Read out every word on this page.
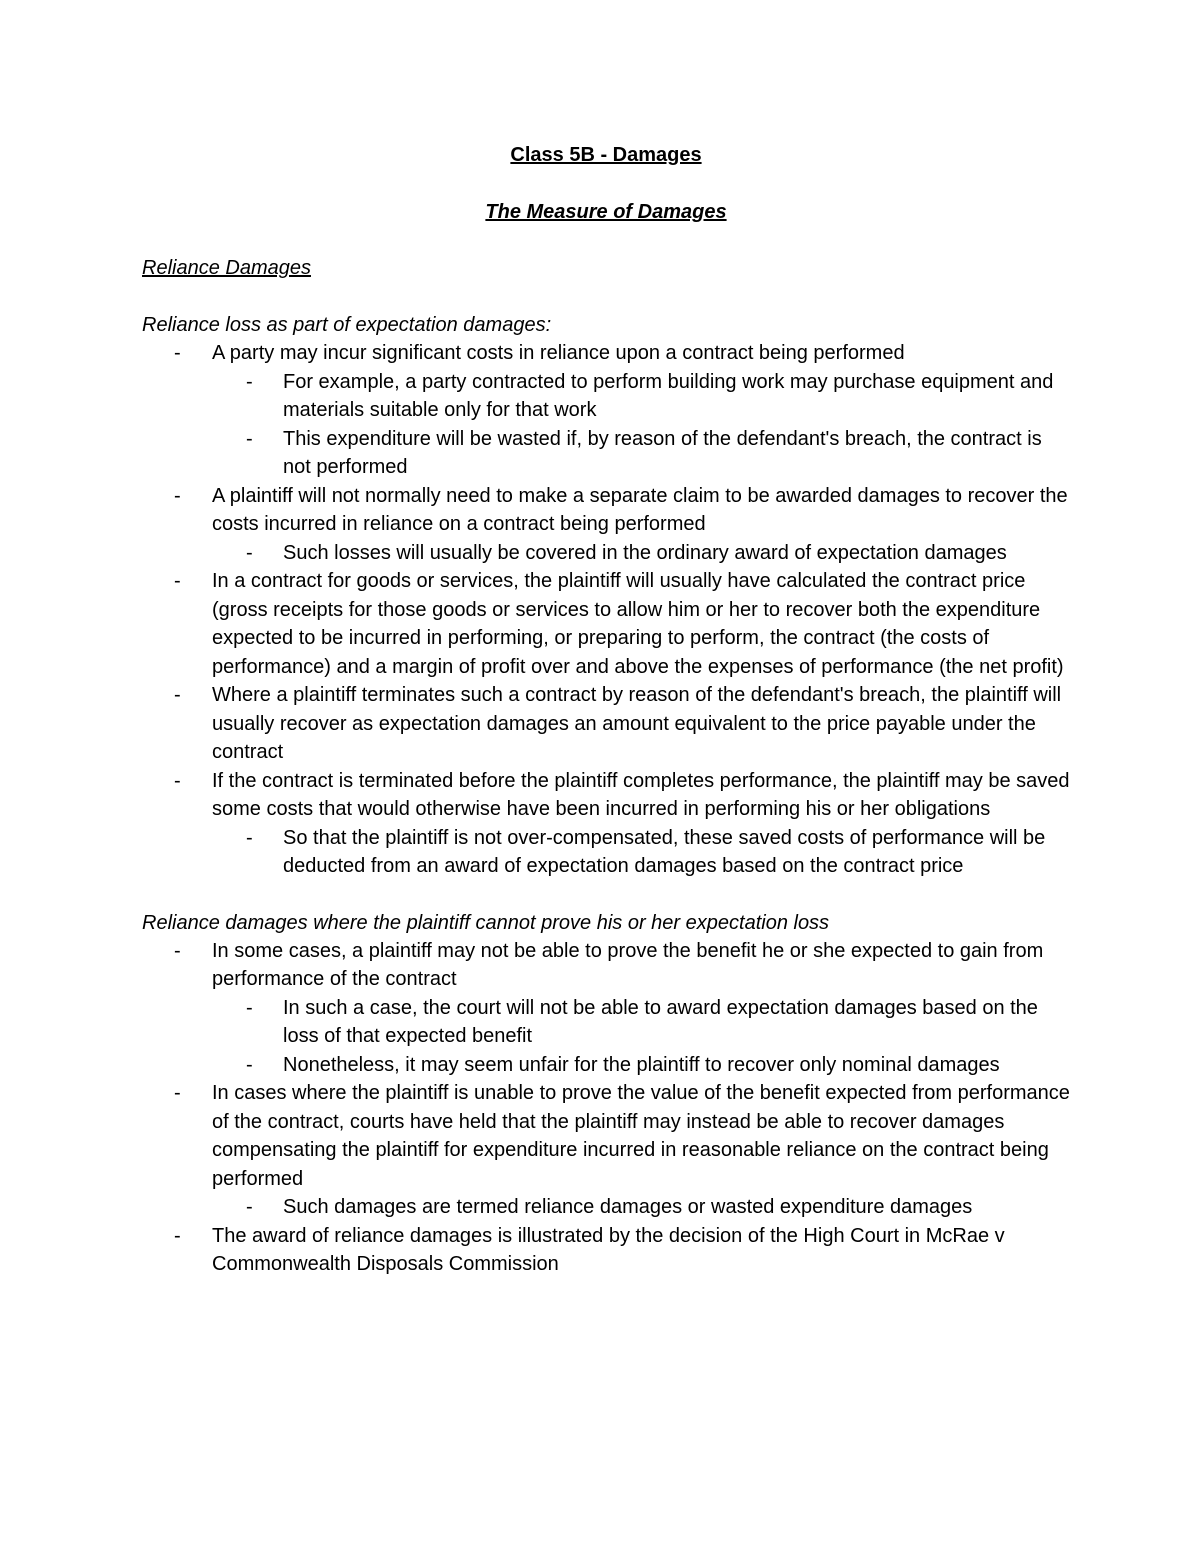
Class 5B - Damages
The Measure of Damages
Reliance Damages
Reliance loss as part of expectation damages:
- A party may incur significant costs in reliance upon a contract being performed
- For example, a party contracted to perform building work may purchase equipment and materials suitable only for that work
- This expenditure will be wasted if, by reason of the defendant's breach, the contract is not performed
- A plaintiff will not normally need to make a separate claim to be awarded damages to recover the costs incurred in reliance on a contract being performed
- Such losses will usually be covered in the ordinary award of expectation damages
- In a contract for goods or services, the plaintiff will usually have calculated the contract price (gross receipts for those goods or services to allow him or her to recover both the expenditure expected to be incurred in performing, or preparing to perform, the contract (the costs of performance) and a margin of profit over and above the expenses of performance (the net profit)
- Where a plaintiff terminates such a contract by reason of the defendant's breach, the plaintiff will usually recover as expectation damages an amount equivalent to the price payable under the contract
- If the contract is terminated before the plaintiff completes performance, the plaintiff may be saved some costs that would otherwise have been incurred in performing his or her obligations
- So that the plaintiff is not over-compensated, these saved costs of performance will be deducted from an award of expectation damages based on the contract price
Reliance damages where the plaintiff cannot prove his or her expectation loss
- In some cases, a plaintiff may not be able to prove the benefit he or she expected to gain from performance of the contract
- In such a case, the court will not be able to award expectation damages based on the loss of that expected benefit
- Nonetheless, it may seem unfair for the plaintiff to recover only nominal damages
- In cases where the plaintiff is unable to prove the value of the benefit expected from performance of the contract, courts have held that the plaintiff may instead be able to recover damages compensating the plaintiff for expenditure incurred in reasonable reliance on the contract being performed
- Such damages are termed reliance damages or wasted expenditure damages
- The award of reliance damages is illustrated by the decision of the High Court in McRae v Commonwealth Disposals Commission
